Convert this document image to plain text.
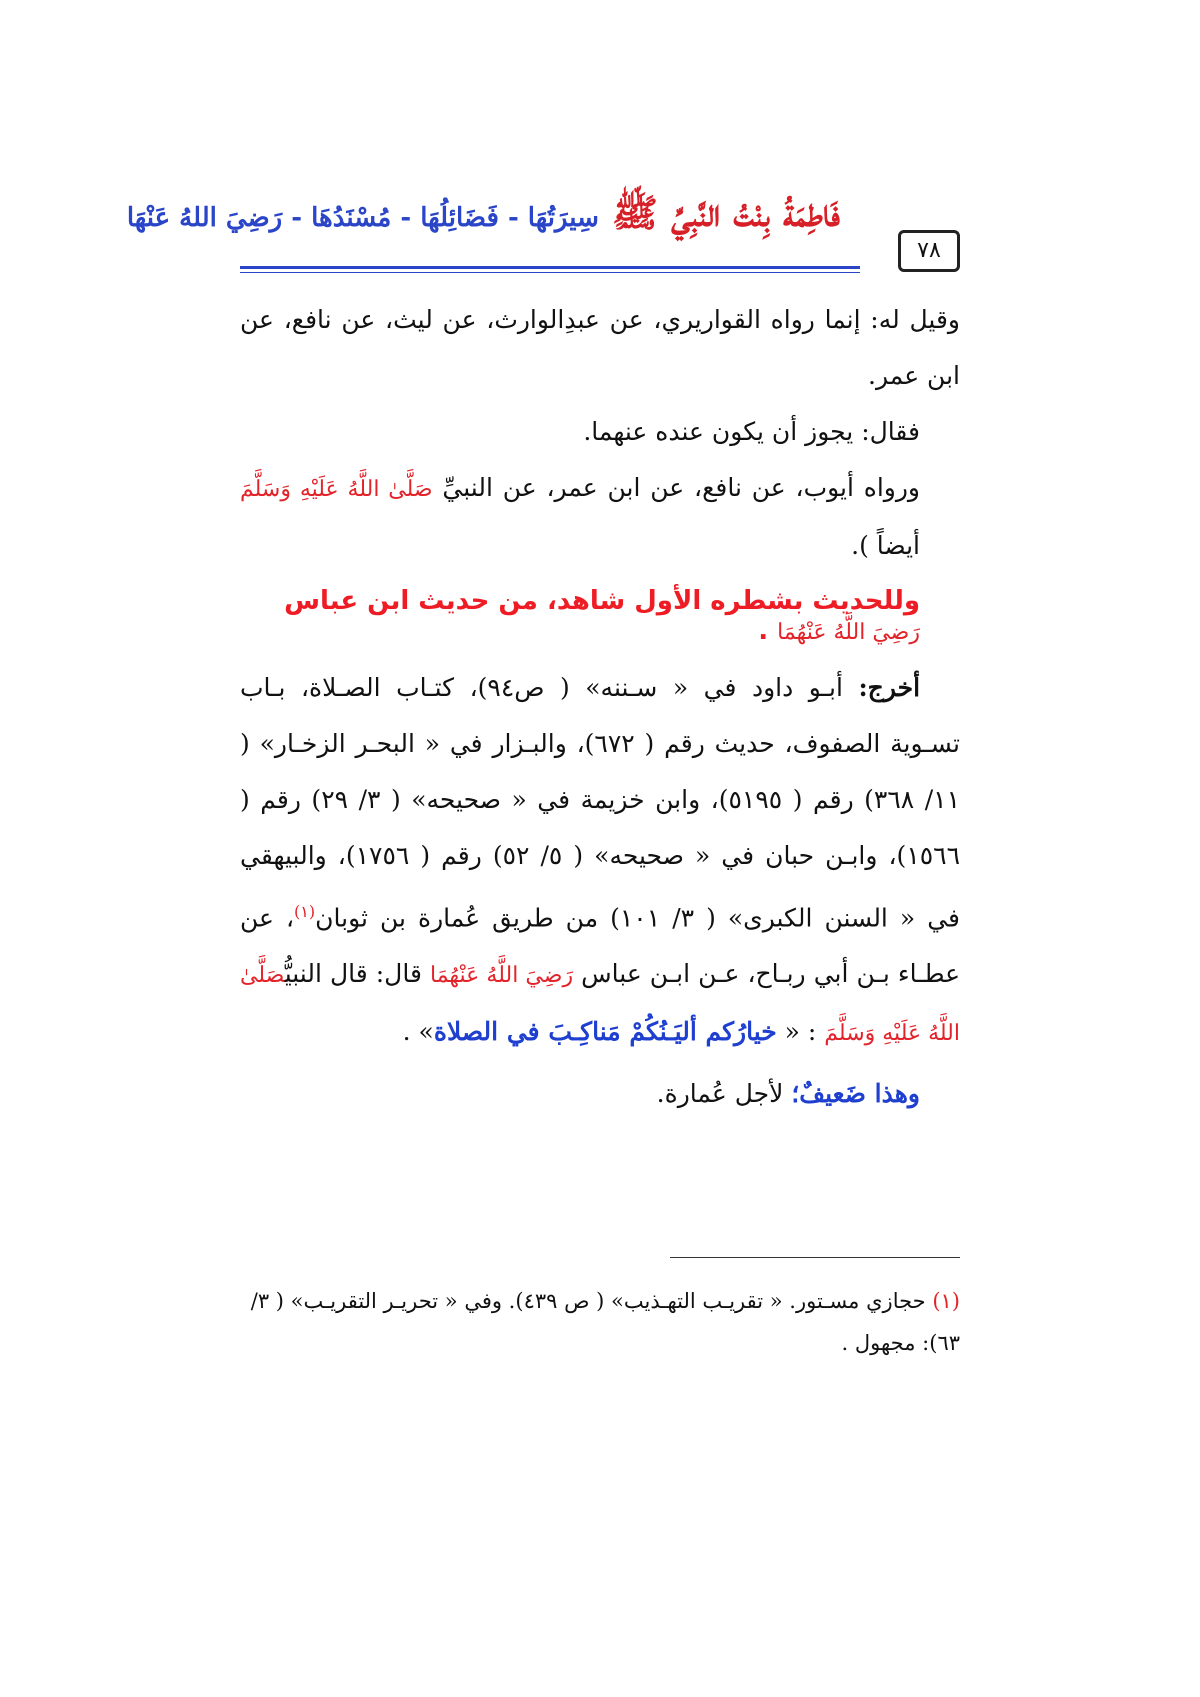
فَاطِمَةُ بِنْتُ النَّبِيِّ ﷺ سِيرَتُهَا - فَضَائِلُهَا - مُسْنَدُهَا - رَضِيَ اللهُ عَنْهَا
٧٨
وقيل له: إنما رواه القواريري، عن عبدِالوارث، عن ليث، عن نافع، عن ابن عمر.
فقال: يجوز أن يكون عنده عنهما.
ورواه أيوب، عن نافع، عن ابن عمر، عن النبيِّ صَلَّىٰ اللَّهُ عَلَيْهِ وَسَلَّمَ أيضاً ).
وللحديث بشطره الأول شاهد، من حديث ابن عباس رَضِيَ اللَّهُ عَنْهُمَا .
أخرج: أبـو داود في « سـننه» ( ص٩٤)، كتـاب الصـلاة، بـاب تسـوية الصفوف، حديث رقم ( ٦٧٢)، والبـزار في « البحـر الزخـار» ( ١١/ ٣٦٨) رقم ( ٥١٩٥)، وابن خزيمة في « صحيحه» ( ٣/ ٢٩) رقم ( ١٥٦٦)، وابـن حبان في « صحيحه» ( ٥/ ٥٢) رقم ( ١٧٥٦)، والبيهقي في « السنن الكبرى» ( ٣/ ١٠١) من طريق عُمارة بن ثوبان$^{(١)}$، عن عطـاء بـن أبي ربـاح، عـن ابـن عباس رَضِيَ اللَّهُ عَنْهُمَا قال: قال النبيُّصَلَّىٰ اللَّهُ عَلَيْهِ وَسَلَّمَ : « خيارُكم أليَـنُكُمْ مَناكِـبَ في الصلاة» .
وهذا ضَعيفٌ؛ لأجل عُمارة.
(١) حجازي مسـتور. « تقريـب التهـذيب» ( ص ٤٣٩). وفي « تحريـر التقريـب» ( ٣/ ٦٣): مجهول .
